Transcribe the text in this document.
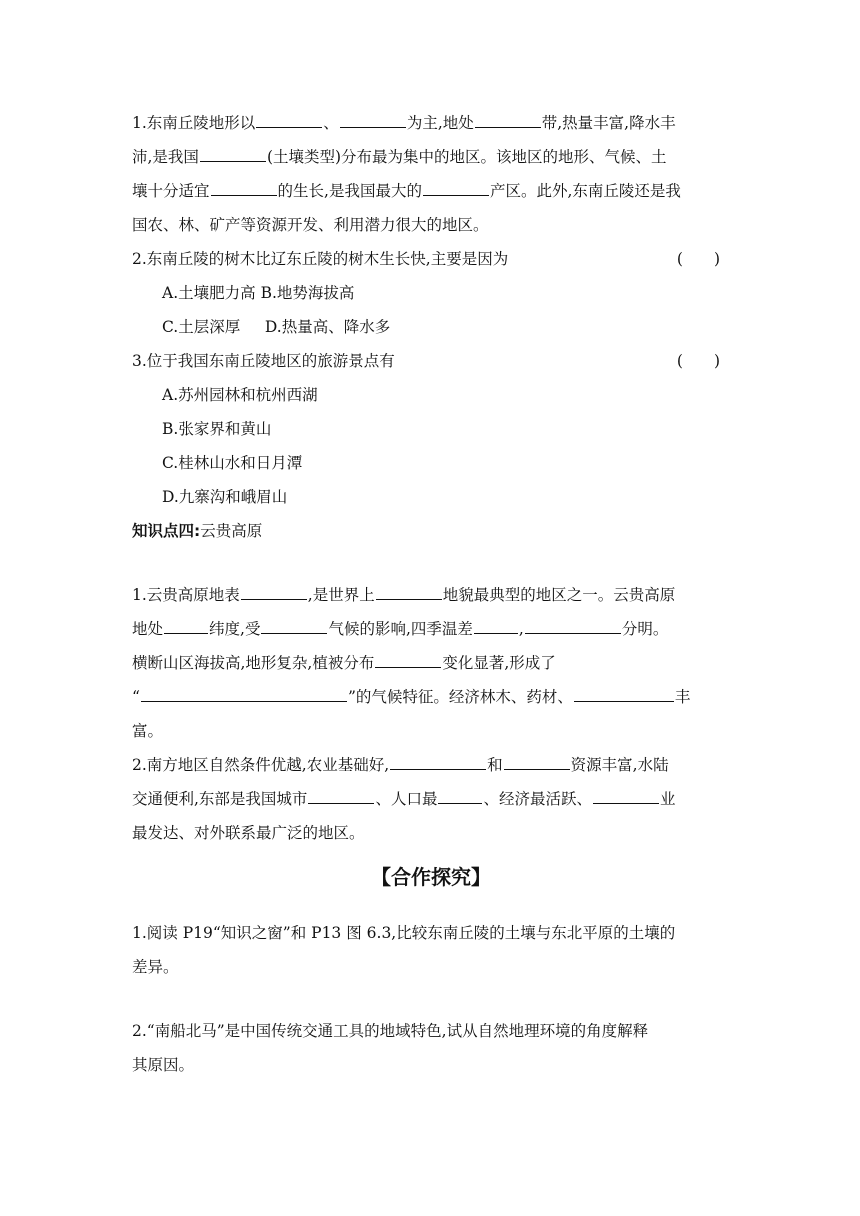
1.东南丘陵地形以	、	为主,地处	带,热量丰富,降水丰
沛,是我国	(土壤类型)分布最为集中的地区。该地区的地形、气候、土
壤十分适宜	的生长,是我国最大的	产区。此外,东南丘陵还是我
国农、林、矿产等资源开发、利用潜力很大的地区。
2.东南丘陵的树木比辽东丘陵的树木生长快,主要是因为	(　　)
A.土壤肥力高 B.地势海拔高
C.土层深厚 D.热量高、降水多
3.位于我国东南丘陵地区的旅游景点有	(　　)
A.苏州园林和杭州西湖
B.张家界和黄山
C.桂林山水和日月潭
D.九寨沟和峨眉山
知识点四:云贵高原
1.云贵高原地表	,是世界上	地貌最典型的地区之一。云贵高原
地处	纬度,受	气候的影响,四季温差	,	分明。
横断山区海拔高,地形复杂,植被分布	变化显著,形成了
“	”的气候特征。经济林木、药材、	丰
富。
2.南方地区自然条件优越,农业基础好,	和	资源丰富,水陆
交通便利,东部是我国城市	、人口最	、经济最活跃、	业
最发达、对外联系最广泛的地区。
【合作探究】
1.阅读 P19“知识之窗”和 P13 图 6.3,比较东南丘陵的土壤与东北平原的土壤的
差异。
2.“南船北马”是中国传统交通工具的地域特色,试从自然地理环境的角度解释
其原因。
